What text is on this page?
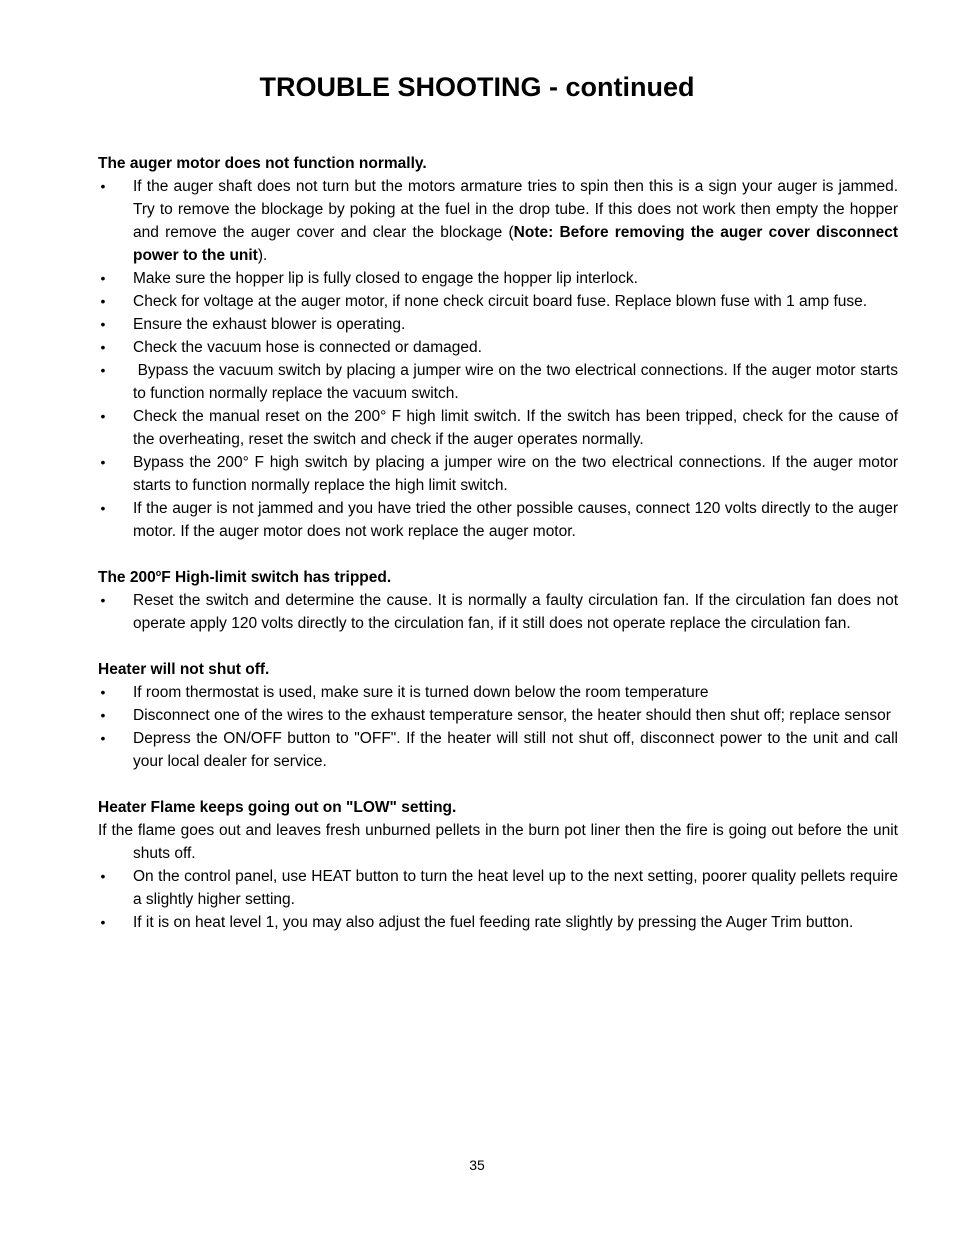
TROUBLE SHOOTING - continued
The auger motor does not function normally.
• If the auger shaft does not turn but the motors armature tries to spin then this is a sign your auger is jammed. Try to remove the blockage by poking at the fuel in the drop tube. If this does not work then empty the hopper and remove the auger cover and clear the blockage (Note: Before removing the auger cover disconnect power to the unit).
• Make sure the hopper lip is fully closed to engage the hopper lip interlock.
• Check for voltage at the auger motor, if none check circuit board fuse. Replace blown fuse with 1 amp fuse.
• Ensure the exhaust blower is operating.
• Check the vacuum hose is connected or damaged.
• Bypass the vacuum switch by placing a jumper wire on the two electrical connections. If the auger motor starts to function normally replace the vacuum switch.
• Check the manual reset on the 200° F high limit switch. If the switch has been tripped, check for the cause of the overheating, reset the switch and check if the auger operates normally.
• Bypass the 200° F high switch by placing a jumper wire on the two electrical connections. If the auger motor starts to function normally replace the high limit switch.
• If the auger is not jammed and you have tried the other possible causes, connect 120 volts directly to the auger motor. If the auger motor does not work replace the auger motor.
The 200$^o$F High-limit switch has tripped.
• Reset the switch and determine the cause. It is normally a faulty circulation fan. If the circulation fan does not operate apply 120 volts directly to the circulation fan, if it still does not operate replace the circulation fan.
Heater will not shut off.
• If room thermostat is used, make sure it is turned down below the room temperature
• Disconnect one of the wires to the exhaust temperature sensor, the heater should then shut off; replace sensor
• Depress the ON/OFF button to "OFF". If the heater will still not shut off, disconnect power to the unit and call your local dealer for service.
Heater Flame keeps going out on "LOW" setting.
If the flame goes out and leaves fresh unburned pellets in the burn pot liner then the fire is going out before the unit shuts off.
• On the control panel, use HEAT button to turn the heat level up to the next setting, poorer quality pellets require a slightly higher setting.
• If it is on heat level 1, you may also adjust the fuel feeding rate slightly by pressing the Auger Trim button.
35
